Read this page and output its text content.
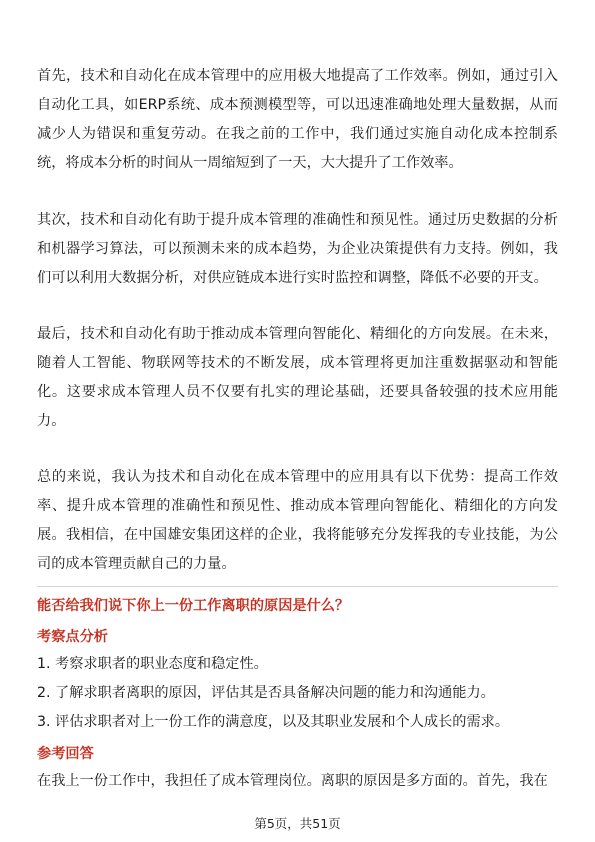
首先，技术和自动化在成本管理中的应用极大地提高了工作效率。例如，通过引入自动化工具，如ERP系统、成本预测模型等，可以迅速准确地处理大量数据，从而减少人为错误和重复劳动。在我之前的工作中，我们通过实施自动化成本控制系统，将成本分析的时间从一周缩短到了一天，大大提升了工作效率。

其次，技术和自动化有助于提升成本管理的准确性和预见性。通过历史数据的分析和机器学习算法，可以预测未来的成本趋势，为企业决策提供有力支持。例如，我们可以利用大数据分析，对供应链成本进行实时监控和调整，降低不必要的开支。

最后，技术和自动化有助于推动成本管理向智能化、精细化的方向发展。在未来，随着人工智能、物联网等技术的不断发展，成本管理将更加注重数据驱动和智能化。这要求成本管理人员不仅要有扎实的理论基础，还要具备较强的技术应用能力。

总的来说，我认为技术和自动化在成本管理中的应用具有以下优势：提高工作效率、提升成本管理的准确性和预见性、推动成本管理向智能化、精细化的方向发展。我相信，在中国雄安集团这样的企业，我将能够充分发挥我的专业技能，为公司的成本管理贡献自己的力量。

能否给我们说下你上一份工作离职的原因是什么？
考察点分析
1. 考察求职者的职业态度和稳定性。
2. 了解求职者离职的原因，评估其是否具备解决问题的能力和沟通能力。
3. 评估求职者对上一份工作的满意度，以及其职业发展和个人成长的需求。
参考回答

在我上一份工作中，我担任了成本管理岗位。离职的原因是多方面的。首先，我在

第5页，共51页
